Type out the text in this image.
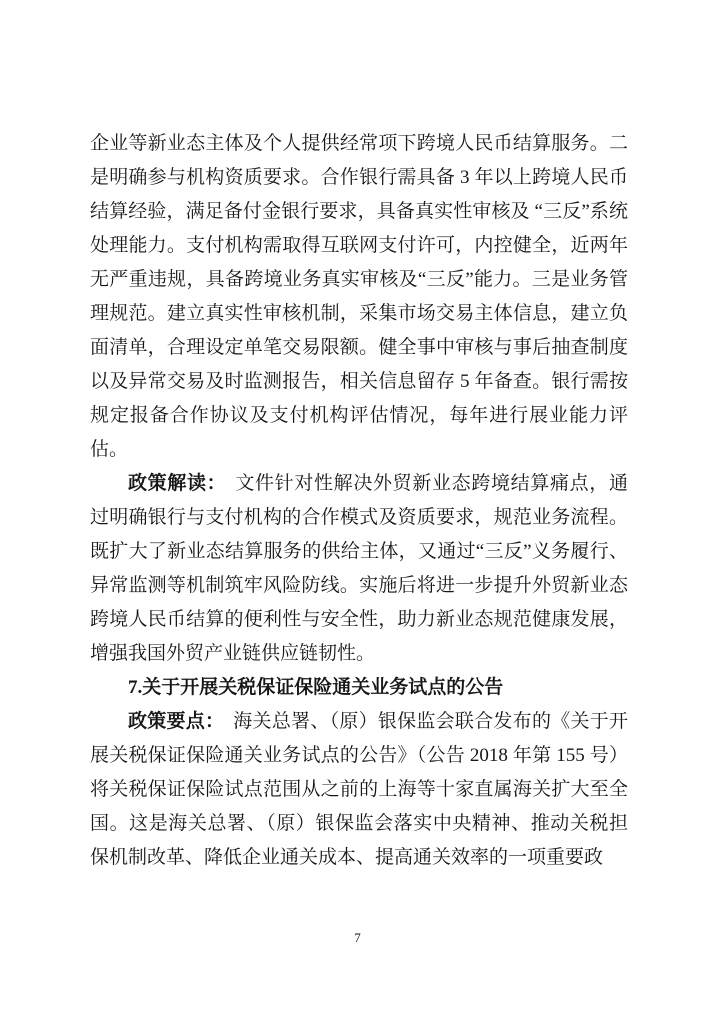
企业等新业态主体及个人提供经常项下跨境人民币结算服务。二是明确参与机构资质要求。合作银行需具备 3 年以上跨境人民币结算经验，满足备付金银行要求，具备真实性审核及 “三反”系统处理能力。支付机构需取得互联网支付许可，内控健全，近两年无严重违规，具备跨境业务真实审核及“三反”能力。三是业务管理规范。建立真实性审核机制，采集市场交易主体信息，建立负面清单，合理设定单笔交易限额。健全事中审核与事后抽查制度以及异常交易及时监测报告，相关信息留存 5 年备查。银行需按规定报备合作协议及支付机构评估情况，每年进行展业能力评估。

政策解读： 文件针对性解决外贸新业态跨境结算痛点，通过明确银行与支付机构的合作模式及资质要求，规范业务流程。既扩大了新业态结算服务的供给主体，又通过“三反”义务履行、异常监测等机制筑牢风险防线。实施后将进一步提升外贸新业态跨境人民币结算的便利性与安全性，助力新业态规范健康发展，增强我国外贸产业链供应链韧性。

7.关于开展关税保证保险通关业务试点的公告

政策要点： 海关总署、（原）银保监会联合发布的《关于开展关税保证保险通关业务试点的公告》（公告 2018 年第 155 号）将关税保证保险试点范围从之前的上海等十家直属海关扩大至全国。这是海关总署、（原）银保监会落实中央精神、推动关税担保机制改革、降低企业通关成本、提高通关效率的一项重要政

7
